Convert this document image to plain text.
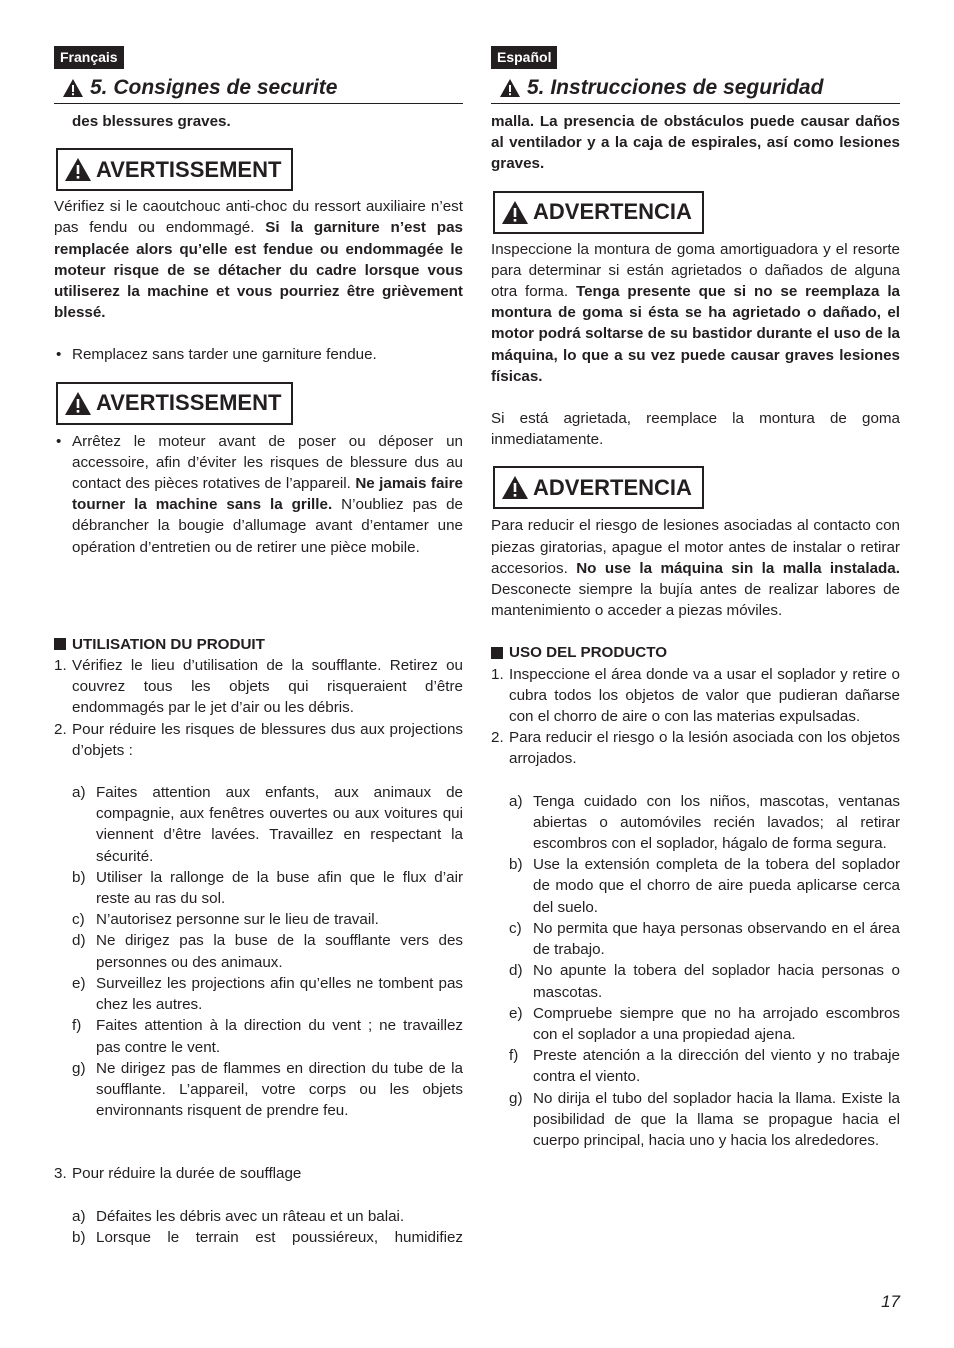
Français
5. Consignes de securite

des blessures graves.

AVERTISSEMENT

Vérifiez si le caoutchouc anti-choc du ressort auxiliaire n’est pas fendu ou endommagé. Si la garniture n’est pas remplacée alors qu’elle est fendue ou endommagée le moteur risque de se détacher du cadre lorsque vous utiliserez la machine et vous pourriez être grièvement blessé.

• Remplacez sans tarder une garniture fendue.
AVERTISSEMENT
• Arrêtez le moteur avant de poser ou déposer un accessoire, afin d’éviter les risques de blessure dus au contact des pièces rotatives de l’appareil. Ne jamais faire tourner la machine sans la grille. N’oubliez pas de débrancher la bougie d’allumage avant d’entamer une opération d’entretien ou de retirer une pièce mobile.
UTILISATION DU PRODUIT
1. Vérifiez le lieu d’utilisation de la soufflante. Retirez ou couvrez tous les objets qui risqueraient d’être endommagés par le jet d’air ou les débris.
2. Pour réduire les risques de blessures dus aux projections d’objets :
a) Faites attention aux enfants, aux animaux de compagnie, aux fenêtres ouvertes ou aux voitures qui viennent d’être lavées. Travaillez en respectant la sécurité.
b) Utiliser la rallonge de la buse afin que le flux d’air reste au ras du sol.
c) N’autorisez personne sur le lieu de travail.
d) Ne dirigez pas la buse de la soufflante vers des personnes ou des animaux.
e) Surveillez les projections afin qu’elles ne tombent pas chez les autres.
f) Faites attention à la direction du vent ; ne travaillez pas contre le vent.
g) Ne dirigez pas de flammes en direction du tube de la soufflante. L’appareil, votre corps ou les objets environnants risquent de prendre feu.
3. Pour réduire la durée de soufflage
a) Défaites les débris avec un râteau et un balai.
b) Lorsque le terrain est poussiéreux, humidifiez
Español
5. Instrucciones de seguridad

malla. La presencia de obstáculos puede causar daños al ventilador y a la caja de espirales, así como lesiones graves.

ADVERTENCIA

Inspeccione la montura de goma amortiguadora y el resorte para determinar si están agrietados o dañados de alguna otra forma. Tenga presente que si no se reemplaza la montura de goma si ésta se ha agrietado o dañado, el motor podrá soltarse de su bastidor durante el uso de la máquina, lo que a su vez puede causar graves lesiones físicas.

Si está agrietada, reemplace la montura de goma inmediatamente.

ADVERTENCIA

Para reducir el riesgo de lesiones asociadas al contacto con piezas giratorias, apague el motor antes de instalar o retirar accesorios. No use la máquina sin la malla instalada. Desconecte siempre la bujía antes de realizar labores de mantenimiento o acceder a piezas móviles.

USO DEL PRODUCTO
1. Inspeccione el área donde va a usar el soplador y retire o cubra todos los objetos de valor que pudieran dañarse con el chorro de aire o con las materias expulsadas.
2. Para reducir el riesgo o la lesión asociada con los objetos arrojados.
a) Tenga cuidado con los niños, mascotas, ventanas abiertas o automóviles recién lavados; al retirar escombros con el soplador, hágalo de forma segura.
b) Use la extensión completa de la tobera del soplador de modo que el chorro de aire pueda aplicarse cerca del suelo.
c) No permita que haya personas observando en el área de trabajo.
d) No apunte la tobera del soplador hacia personas o mascotas.
e) Compruebe siempre que no ha arrojado escombros con el soplador a una propiedad ajena.
f) Preste atención a la dirección del viento y no trabaje contra el viento.
g) No dirija el tubo del soplador hacia la llama. Existe la posibilidad de que la llama se propague hacia el cuerpo principal, hacia uno y hacia los alrededores.
17
